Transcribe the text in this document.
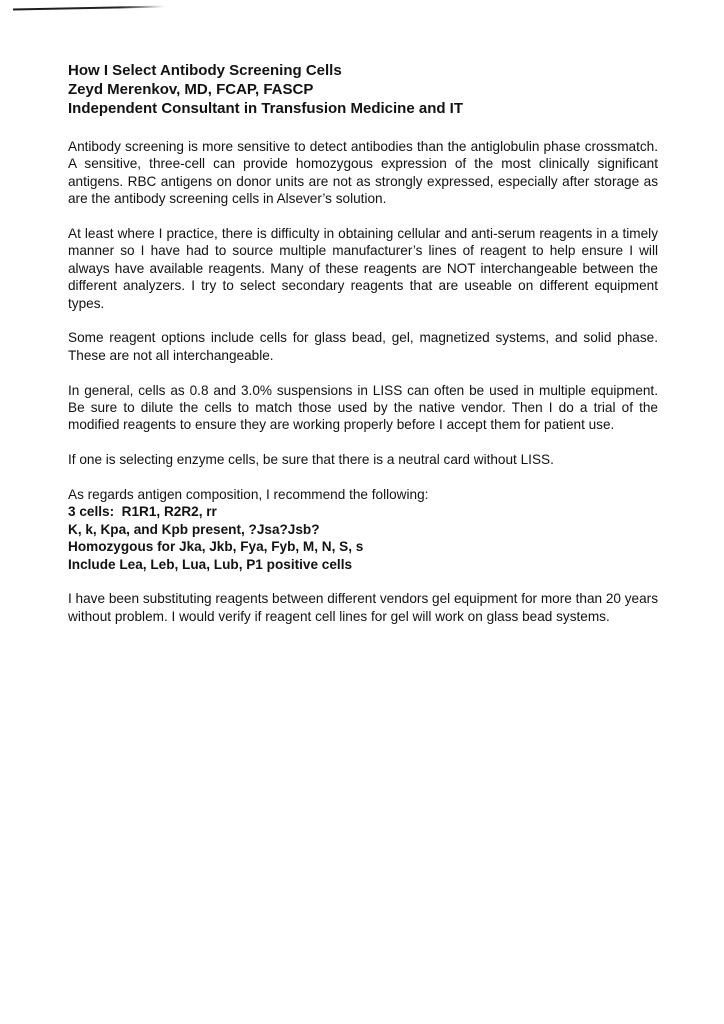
How I Select Antibody Screening Cells

Zeyd Merenkov, MD, FCAP, FASCP

Independent Consultant in Transfusion Medicine and IT

Antibody screening is more sensitive to detect antibodies than the antiglobulin phase crossmatch. A sensitive, three-cell can provide homozygous expression of the most clinically significant antigens. RBC antigens on donor units are not as strongly expressed, especially after storage as are the antibody screening cells in Alsever’s solution.

At least where I practice, there is difficulty in obtaining cellular and anti-serum reagents in a timely manner so I have had to source multiple manufacturer’s lines of reagent to help ensure I will always have available reagents. Many of these reagents are NOT interchangeable between the different analyzers. I try to select secondary reagents that are useable on different equipment types.

Some reagent options include cells for glass bead, gel, magnetized systems, and solid phase. These are not all interchangeable.

In general, cells as 0.8 and 3.0% suspensions in LISS can often be used in multiple equipment. Be sure to dilute the cells to match those used by the native vendor. Then I do a trial of the modified reagents to ensure they are working properly before I accept them for patient use.

If one is selecting enzyme cells, be sure that there is a neutral card without LISS.

As regards antigen composition, I recommend the following:

3 cells:  R1R1, R2R2, rr

K, k, Kpa, and Kpb present, ?Jsa?Jsb?

Homozygous for Jka, Jkb, Fya, Fyb, M, N, S, s

Include Lea, Leb, Lua, Lub, P1 positive cells

I have been substituting reagents between different vendors gel equipment for more than 20 years without problem. I would verify if reagent cell lines for gel will work on glass bead systems.
